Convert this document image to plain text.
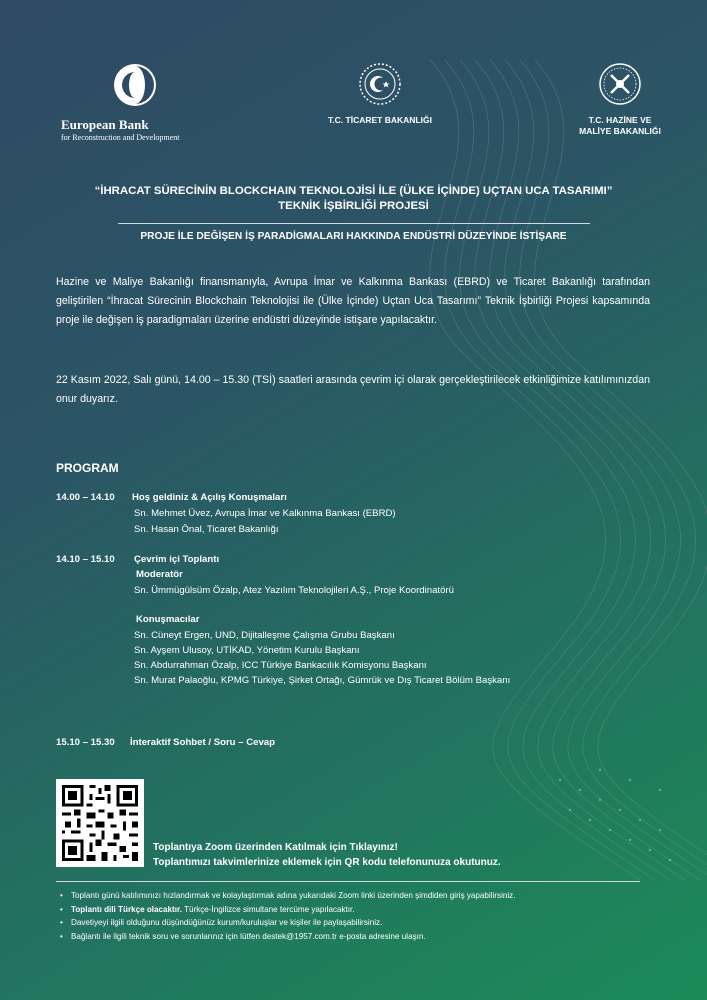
European Bank
for Reconstruction and Development
T.C. TİCARET BAKANLIĞI	T.C. HAZİNE VE
MALİYE BAKANLIĞI
“İHRACAT SÜRECİNİN BLOCKCHAIN TEKNOLOJİSİ İLE (ÜLKE İÇİNDE) UÇTAN UCA TASARIMI”
TEKNİK İŞBİRLİĞİ PROJESİ
PROJE İLE DEĞİŞEN İŞ PARADİGMALARI HAKKINDA ENDÜSTRİ DÜZEYİNDE İSTİŞARE
Hazine ve Maliye Bakanlığı finansmanıyla, Avrupa İmar ve Kalkınma Bankası (EBRD) ve Ticaret Bakanlığı tarafından geliştirilen “İhracat Sürecinin Blockchain Teknolojisi ile (Ülke İçinde) Uçtan Uca Tasarımı” Teknik İşbirliği Projesi kapsamında proje ile değişen iş paradigmaları üzerine endüstri düzeyinde istişare yapılacaktır.
22 Kasım 2022, Salı günü, 14.00 – 15.30 (TSİ) saatleri arasında çevrim içi olarak gerçekleştirilecek etkinliğimize katılımınızdan onur duyarız.
PROGRAM
14.00 – 14.10 Hoş geldiniz & Açılış Konuşmaları
Sn. Mehmet Üvez, Avrupa İmar ve Kalkınma Bankası (EBRD)
Sn. Hasan Önal, Ticaret Bakanlığı
14.10 – 15.10 Çevrim içi Toplantı
Moderatör
Sn. Ümmügülsüm Özalp, Atez Yazılım Teknolojileri A.Ş., Proje Koordinatörü
Konuşmacılar
Sn. Cüneyt Ergen, UND, Dijitalleşme Çalışma Grubu Başkanı
Sn. Ayşem Ulusoy, UTİKAD, Yönetim Kurulu Başkanı
Sn. Abdurrahman Özalp, ICC Türkiye Bankacılık Komisyonu Başkanı
Sn. Murat Palaoğlu, KPMG Türkiye, Şirket Ortağı, Gümrük ve Dış Ticaret Bölüm Başkanı
15.10 – 15.30 İnteraktif Sohbet / Soru – Cevap
Toplantıya Zoom üzerinden Katılmak için Tıklayınız!
Toplantımızı takvimlerinize eklemek için QR kodu telefonunuza okutunuz.
• Toplantı günü katılımınızı hızlandırmak ve kolaylaştırmak adına yukarıdaki Zoom linki üzerinden şimdiden giriş yapabilirsiniz.
• Toplantı dili Türkçe olacaktır. Türkçe-İngilizce simultane tercüme yapılacaktır.
• Davetiyeyi ilgili olduğunu düşündüğünüz kurum/kuruluşlar ve kişiler ile paylaşabilirsiniz.
• Bağlantı ile ilgili teknik soru ve sorunlarınız için lütfen destek@1957.com.tr e-posta adresine ulaşın.
